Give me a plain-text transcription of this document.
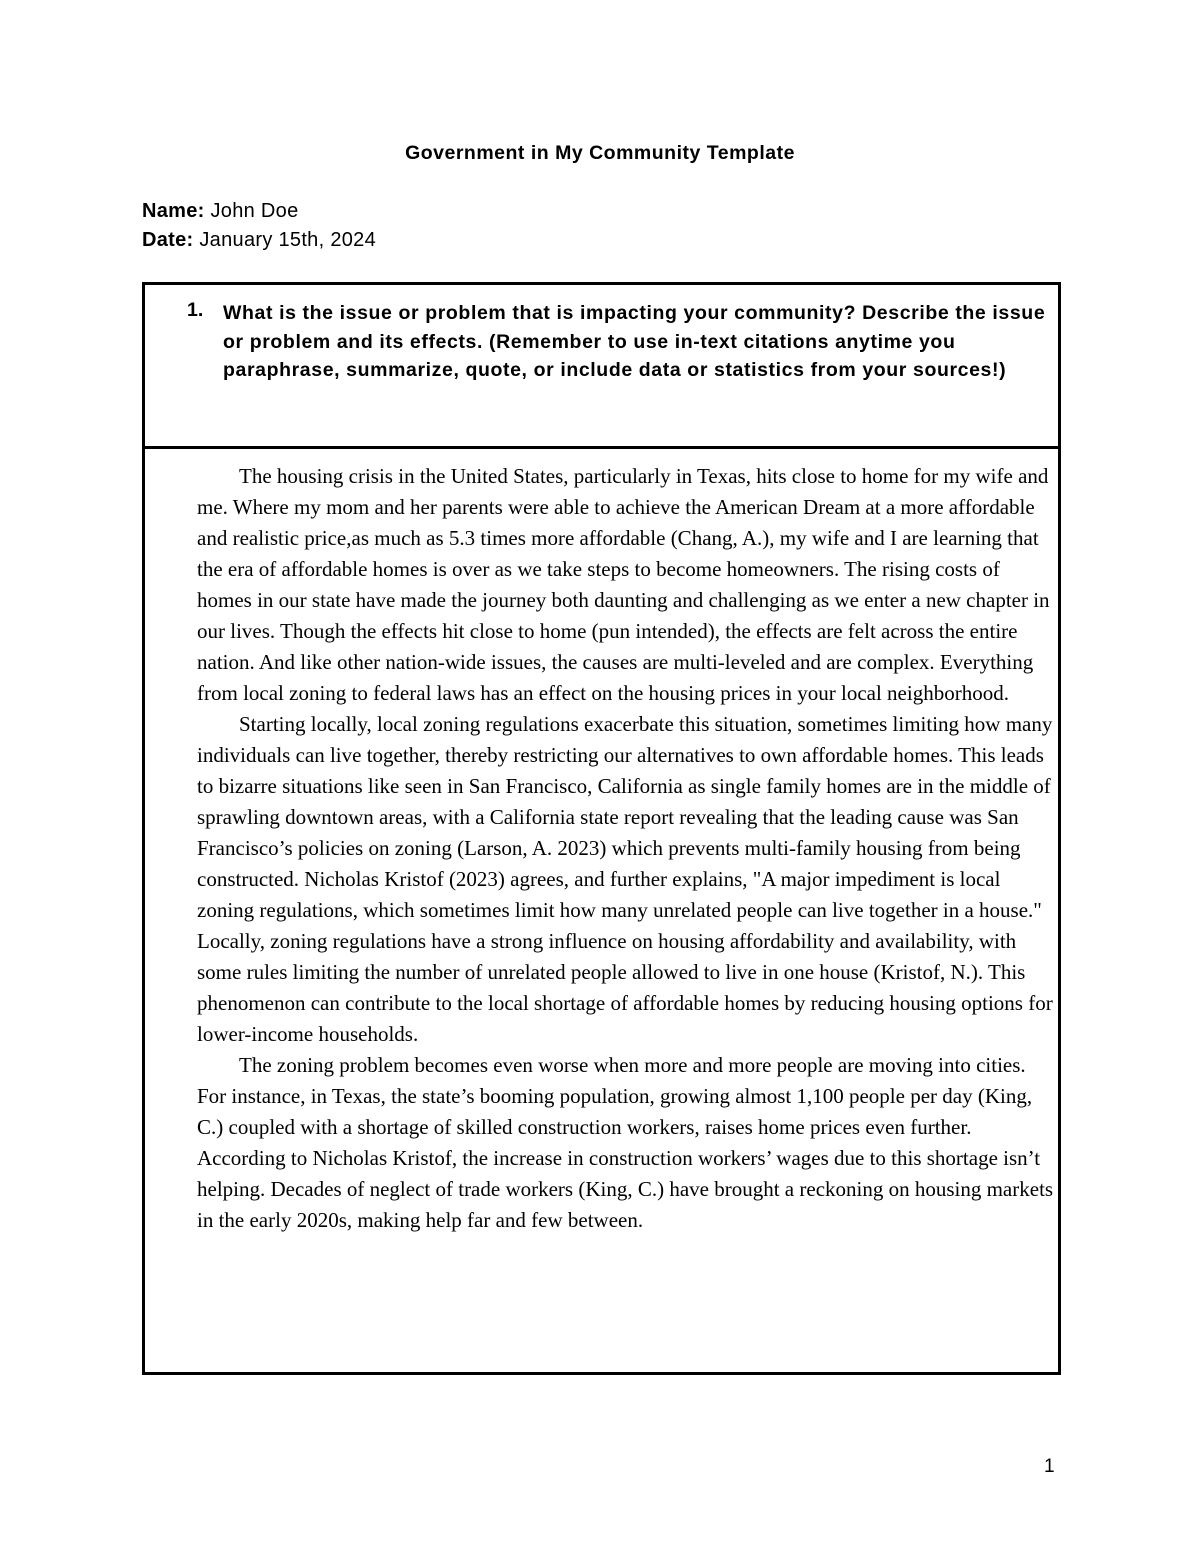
Government in My Community Template
Name: John Doe
Date: January 15th, 2024
1. What is the issue or problem that is impacting your community? Describe the issue or problem and its effects. (Remember to use in-text citations anytime you paraphrase, summarize, quote, or include data or statistics from your sources!)

The housing crisis in the United States, particularly in Texas, hits close to home for my wife and me. Where my mom and her parents were able to achieve the American Dream at a more affordable and realistic price,as much as 5.3 times more affordable (Chang, A.), my wife and I are learning that the era of affordable homes is over as we take steps to become homeowners. The rising costs of homes in our state have made the journey both daunting and challenging as we enter a new chapter in our lives. Though the effects hit close to home (pun intended), the effects are felt across the entire nation. And like other nation-wide issues, the causes are multi-leveled and are complex. Everything from local zoning to federal laws has an effect on the housing prices in your local neighborhood.

Starting locally, local zoning regulations exacerbate this situation, sometimes limiting how many individuals can live together, thereby restricting our alternatives to own affordable homes. This leads to bizarre situations like seen in San Francisco, California as single family homes are in the middle of sprawling downtown areas, with a California state report revealing that the leading cause was San Francisco’s policies on zoning (Larson, A. 2023) which prevents multi-family housing from being constructed. Nicholas Kristof (2023) agrees, and further explains, "A major impediment is local zoning regulations, which sometimes limit how many unrelated people can live together in a house." Locally, zoning regulations have a strong influence on housing affordability and availability, with some rules limiting the number of unrelated people allowed to live in one house (Kristof, N.). This phenomenon can contribute to the local shortage of affordable homes by reducing housing options for lower-income households.

The zoning problem becomes even worse when more and more people are moving into cities. For instance, in Texas, the state’s booming population, growing almost 1,100 people per day (King, C.) coupled with a shortage of skilled construction workers, raises home prices even further. According to Nicholas Kristof, the increase in construction workers’ wages due to this shortage isn’t helping. Decades of neglect of trade workers (King, C.) have brought a reckoning on housing markets in the early 2020s, making help far and few between.

1
